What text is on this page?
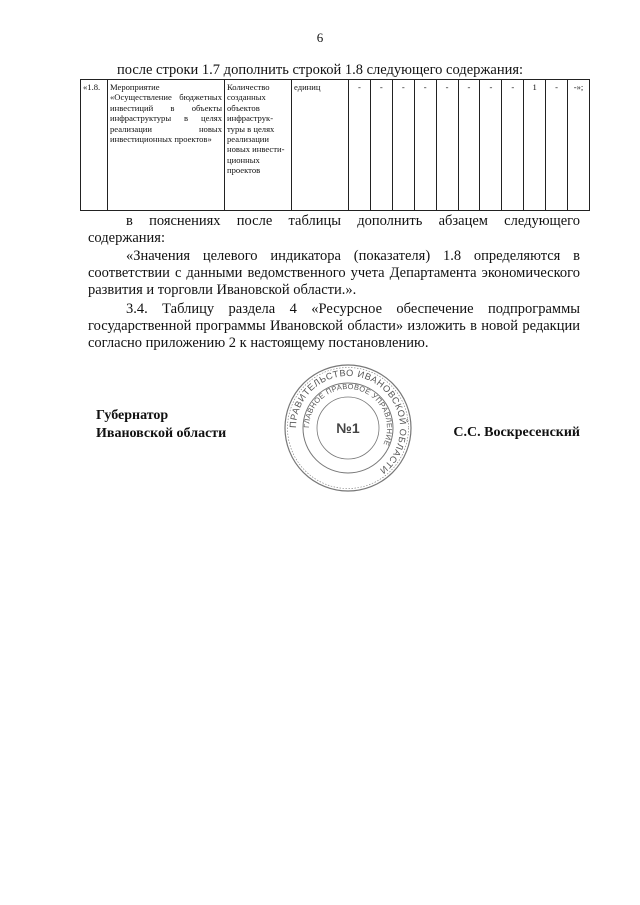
6
после строки 1.7 дополнить строкой 1.8 следующего содержания:
«1.8.	Мероприятие «Осуществление бюджетных инвестиций в объекты инфраструктуры в целях реализации новых инвестиционных проектов»	Количество созданных объектов инфраструк-туры в целях реализации новых инвести-ционных проектов	единиц	-	-	-	-	-	-	-	-	1	-	-»;

в пояснениях после таблицы дополнить абзацем следующего содержания:

«Значения целевого индикатора (показателя) 1.8 определяются в соответствии с данными ведомственного учета Департамента экономического развития и торговли Ивановской области.».

3.4. Таблицу раздела 4 «Ресурсное обеспечение подпрограммы государственной программы Ивановской области» изложить в новой редакции согласно приложению 2 к настоящему постановлению.

Губернатор
Ивановской области	С.С. Воскресенский
ПРАВИТЕЛЬСТВО ИВАНОВСКОЙ ОБЛАСТИ
ГЛАВНОЕ ПРАВОВОЕ УПРАВЛЕНИЕ
№1
